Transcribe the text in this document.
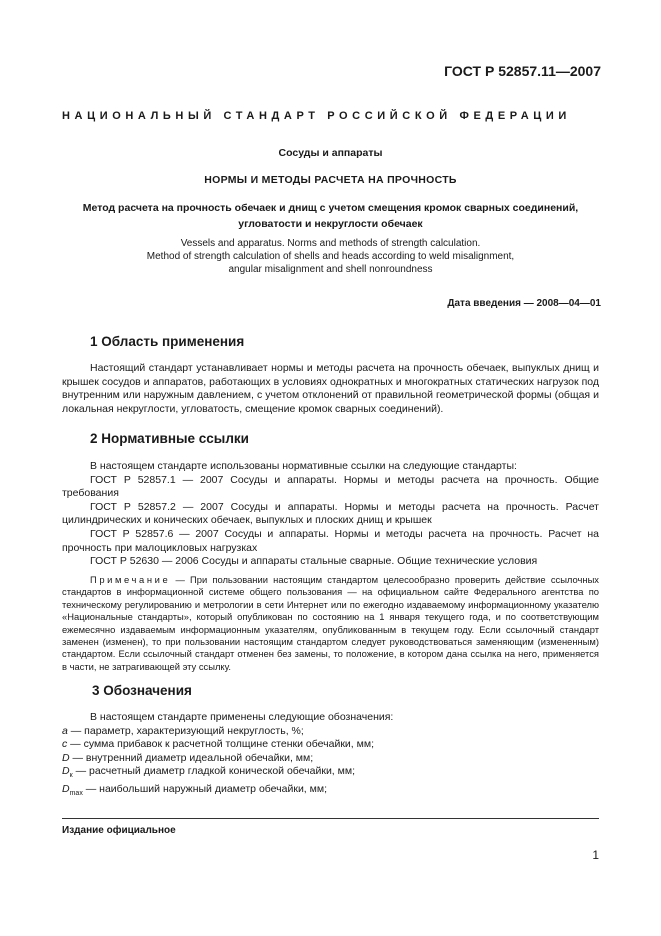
ГОСТ Р 52857.11—2007
НАЦИОНАЛЬНЫЙ СТАНДАРТ РОССИЙСКОЙ ФЕДЕРАЦИИ
Сосуды и аппараты
НОРМЫ И МЕТОДЫ РАСЧЕТА НА ПРОЧНОСТЬ
Метод расчета на прочность обечаек и днищ с учетом смещения кромок сварных соединений,
угловатости и некруглости обечаек
Vessels and apparatus. Norms and methods of strength calculation.
Method of strength calculation of shells and heads according to weld misalignment,
angular misalignment and shell nonroundness
Дата введения — 2008—04—01
1 Область применения

Настоящий стандарт устанавливает нормы и методы расчета на прочность обечаек, выпуклых днищ и крышек сосудов и аппаратов, работающих в условиях однократных и многократных статических нагрузок под внутренним или наружным давлением, с учетом отклонений от правильной геометрической формы (общая и локальная некруглости, угловатость, смещение кромок сварных соединений).

2 Нормативные ссылки

В настоящем стандарте использованы нормативные ссылки на следующие стандарты:

ГОСТ Р 52857.1 — 2007 Сосуды и аппараты. Нормы и методы расчета на прочность. Общие требования

ГОСТ Р 52857.2 — 2007 Сосуды и аппараты. Нормы и методы расчета на прочность. Расчет цилиндрических и конических обечаек, выпуклых и плоских днищ и крышек

ГОСТ Р 52857.6 — 2007 Сосуды и аппараты. Нормы и методы расчета на прочность. Расчет на прочность при малоцикловых нагрузках

ГОСТ Р 52630 — 2006 Сосуды и аппараты стальные сварные. Общие технические условия

Примечание — При пользовании настоящим стандартом целесообразно проверить действие ссылочных стандартов в информационной системе общего пользования — на официальном сайте Федерального агентства по техническому регулированию и метрологии в сети Интернет или по ежегодно издаваемому информационному указателю «Национальные стандарты», который опубликован по состоянию на 1 января текущего года, и по соответствующим ежемесячно издаваемым информационным указателям, опубликованным в текущем году. Если ссылочный стандарт заменен (изменен), то при пользовании настоящим стандартом следует руководствоваться заменяющим (измененным) стандартом. Если ссылочный стандарт отменен без замены, то положение, в котором дана ссылка на него, применяется в части, не затрагивающей эту ссылку.
3 Обозначения

В настоящем стандарте применены следующие обозначения:

a — параметр, характеризующий некруглость, %;

c — сумма прибавок к расчетной толщине стенки обечайки, мм;

D — внутренний диаметр идеальной обечайки, мм;

$D_к$ — расчетный диаметр гладкой конической обечайки, мм;

$D_{max}$ — наибольший наружный диаметр обечайки, мм;

Издание официальное
1
